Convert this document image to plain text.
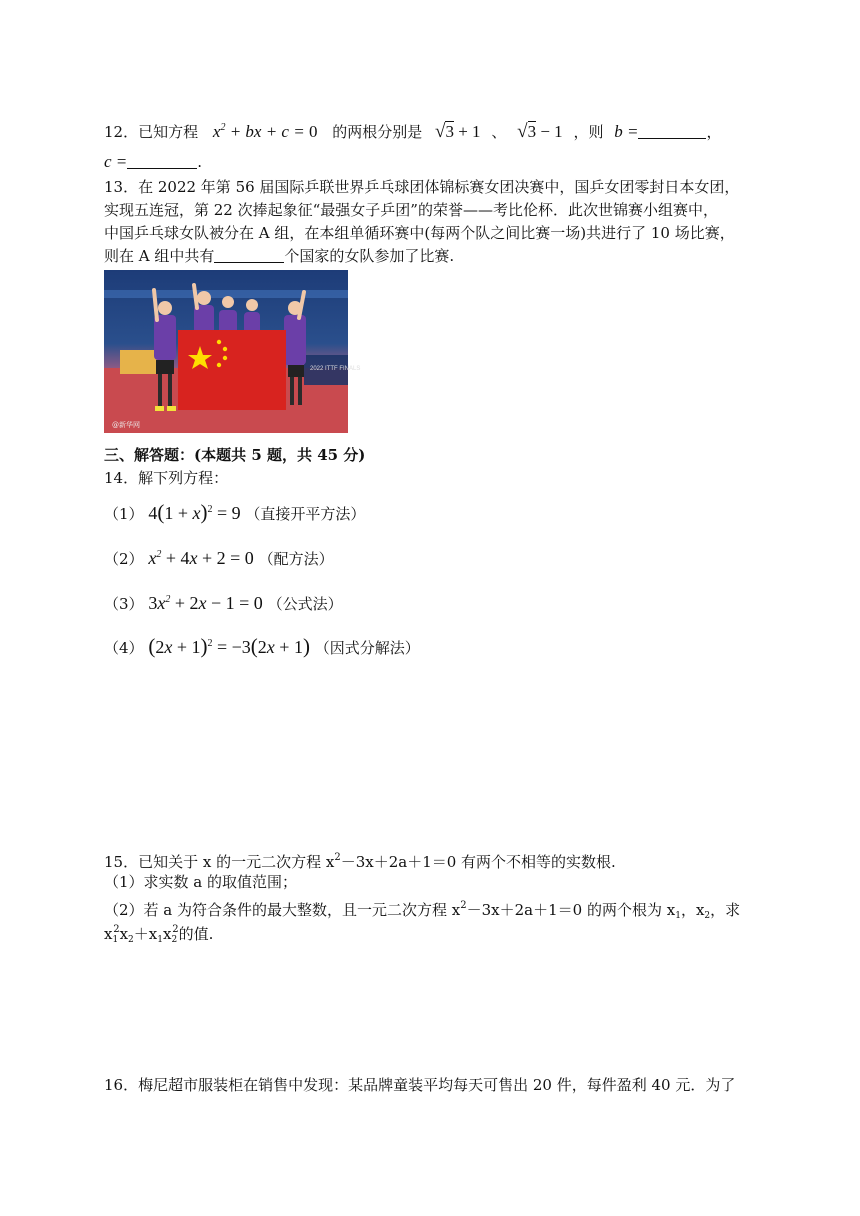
12．已知方程 $x^2$ + bx + c = 0 的两根分别是 √3 + 1 、 √3 − 1 ，则 b =	，
c =	.
13．在 2022 年第 56 届国际乒联世界乒乓球团体锦标赛女团决赛中，国乒女团零封日本女团，
实现五连冠，第 22 次捧起象征“最强女子乒团”的荣誉——考比伦杯．此次世锦赛小组赛中，
中国乒乓球女队被分在 A 组，在本组单循环赛中(每两个队之间比赛一场)共进行了 10 场比赛，
则在 A 组中共有	个国家的女队参加了比赛.
2022 ITTF FINALS
@新华网
三、解答题：(本题共 5 题，共 45 分)
14．解下列方程：
（1） $4(1 + x)^2 = 9$ （直接开平方法）
（2） $x^2 + 4x + 2 = 0$ （配方法）
（3） $3x^2 + 2x - 1 = 0$ （公式法）
（4） $(2x + 1)^2 = -3(2x + 1)$ （因式分解法）
15．已知关于 x 的一元二次方程 $x^2-3x+2a+1=0$ 有两个不相等的实数根.
（1）求实数 a 的取值范围；
（2）若 a 为符合条件的最大整数，且一元二次方程 $x^2-3x+2a+1=0$ 的两个根为 $x_1$，$x_2$，求
$x_1^2x_2+x_1x_2^2$的值.
16．梅尼超市服装柜在销售中发现：某品牌童装平均每天可售出 20 件，每件盈利 40 元．为了
